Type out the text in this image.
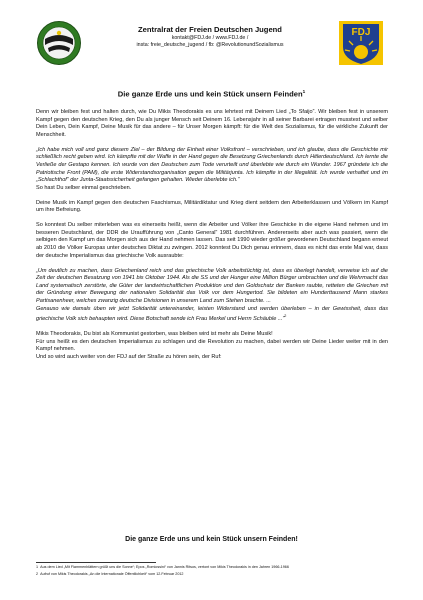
Zentralrat der Freien Deutschen Jugend
kontakt@FDJ.de / www.FDJ.de /
insta: freie_deutsche_jugend / fb: @RevolutionundSozialismus
FDJ
Die ganze Erde uns und kein Stück unsern Feinden$^1$

Denn wir bleiben fest und halten durch, wie Du Mikis Theodorakis es uns lehrtest mit Deinem Lied „To Sfaijo“. Wir bleiben fest in unserem Kampf gegen den deutschen Krieg, den Du als junger Mensch seit Deinem 16. Lebensjahr in all seiner Barbarei ertragen musstest und selber Dein Leben, Dein Kampf, Deine Musik für das andere – für Unser Morgen kämpft: für die Welt des Sozialismus, für die wirkliche Zukunft der Menschheit.

„Ich habe mich voll und ganz diesem Ziel – der Bildung der Einheit einer Volksfront – verschrieben, und ich glaube, dass die Geschichte mir schließlich recht geben wird. Ich kämpfte mit der Waffe in der Hand gegen die Besetzung Griechenlands durch Hitlerdeutschland. Ich lernte die Verließe der Gestapo kennen. Ich wurde von den Deutschen zum Tode verurteilt und überlebte wie durch ein Wunder. 1967 gründete ich die Patriotische Front (PAM), die erste Widerstandsorganisation gegen die Militärjunta. Ich kämpfte in der Illegalität. Ich wurde verhaftet und im „Schlachthof“ der Junta-Staatssicherheit gefangen gehalten. Wieder überlebte ich.“

So hast Du selber einmal geschrieben.

Deine Musik im Kampf gegen den deutschen Faschismus, Militärdiktatur und Krieg dient seitdem den Arbeiterklassen und Völkern im Kampf um ihre Befreiung.

So konntest Du selber miterleben was es einerseits heißt, wenn die Arbeiter und Völker ihre Geschicke in die eigene Hand nehmen und im besseren Deutschland, der DDR die Uraufführung von „Canto General“ 1981 durchführen. Andererseits aber auch was passiert, wenn die selbigen den Kampf um das Morgen sich aus der Hand nehmen lassen. Das seit 1990 wieder größer gewordenen Deutschland begann erneut ab 2010 die Völker Europas unter deutsches Diktat zu zwingen. 2012 konntest Du Dich genau erinnern, dass es nicht das erste Mal war, dass der deutsche Imperialismus das griechische Volk ausraubte:

„Um deutlich zu machen, dass Griechenland reich und das griechische Volk arbeitstüchtig ist, dass es überlegt handelt, verweise ich auf die Zeit der deutschen Besatzung von 1941 bis Oktober 1944. Als die SS und der Hunger eine Million Bürger umbrachten und die Wehrmacht das Land systematisch zerstörte, die Güter der landwirtschaftlichen Produktion und den Goldschatz der Banken raubte, retteten die Griechen mit der Gründung einer Bewegung der nationalen Solidarität das Volk vor dem Hungertod. Sie bildeten ein Hunderttausend Mann starkes Partisanenheer, welches zwanzig deutsche Divisionen in unserem Land zum Stehen brachte. ...

Genauso wie damals üben wir jetzt Solidarität untereinander, leisten Widerstand und werden überleben – in der Gewissheit, dass das griechische Volk sich behaupten wird. Diese Botschaft sende ich Frau Merkel und Herrn Schäuble ...“$^2$

Mikis Theodorakis, Du bist als Kommunist gestorben, was bleiben wird ist mehr als Deine Musik!

Für uns heißt es den deutschen Imperialismus zu schlagen und die Revolution zu machen, dabei werden wir Deine Lieder weiter mit in den Kampf nehmen.

Und so wird auch weiter von der FDJ auf der Straße zu hören sein, der Ruf:

Die ganze Erde uns und kein Stück unsern Feinden!
1 Aus dem Lied „Mit Flammenblättern grüßt uns die Sonne“; Epos „Romiossini“ von Jannis Ritsos, vertont von Mikis Theodorakis in den Jahren 1966-1966
2 Aufruf von Mikis Theodorakis „An die Internationale Öffentlichkeit“ vom 12.Februar 2012
